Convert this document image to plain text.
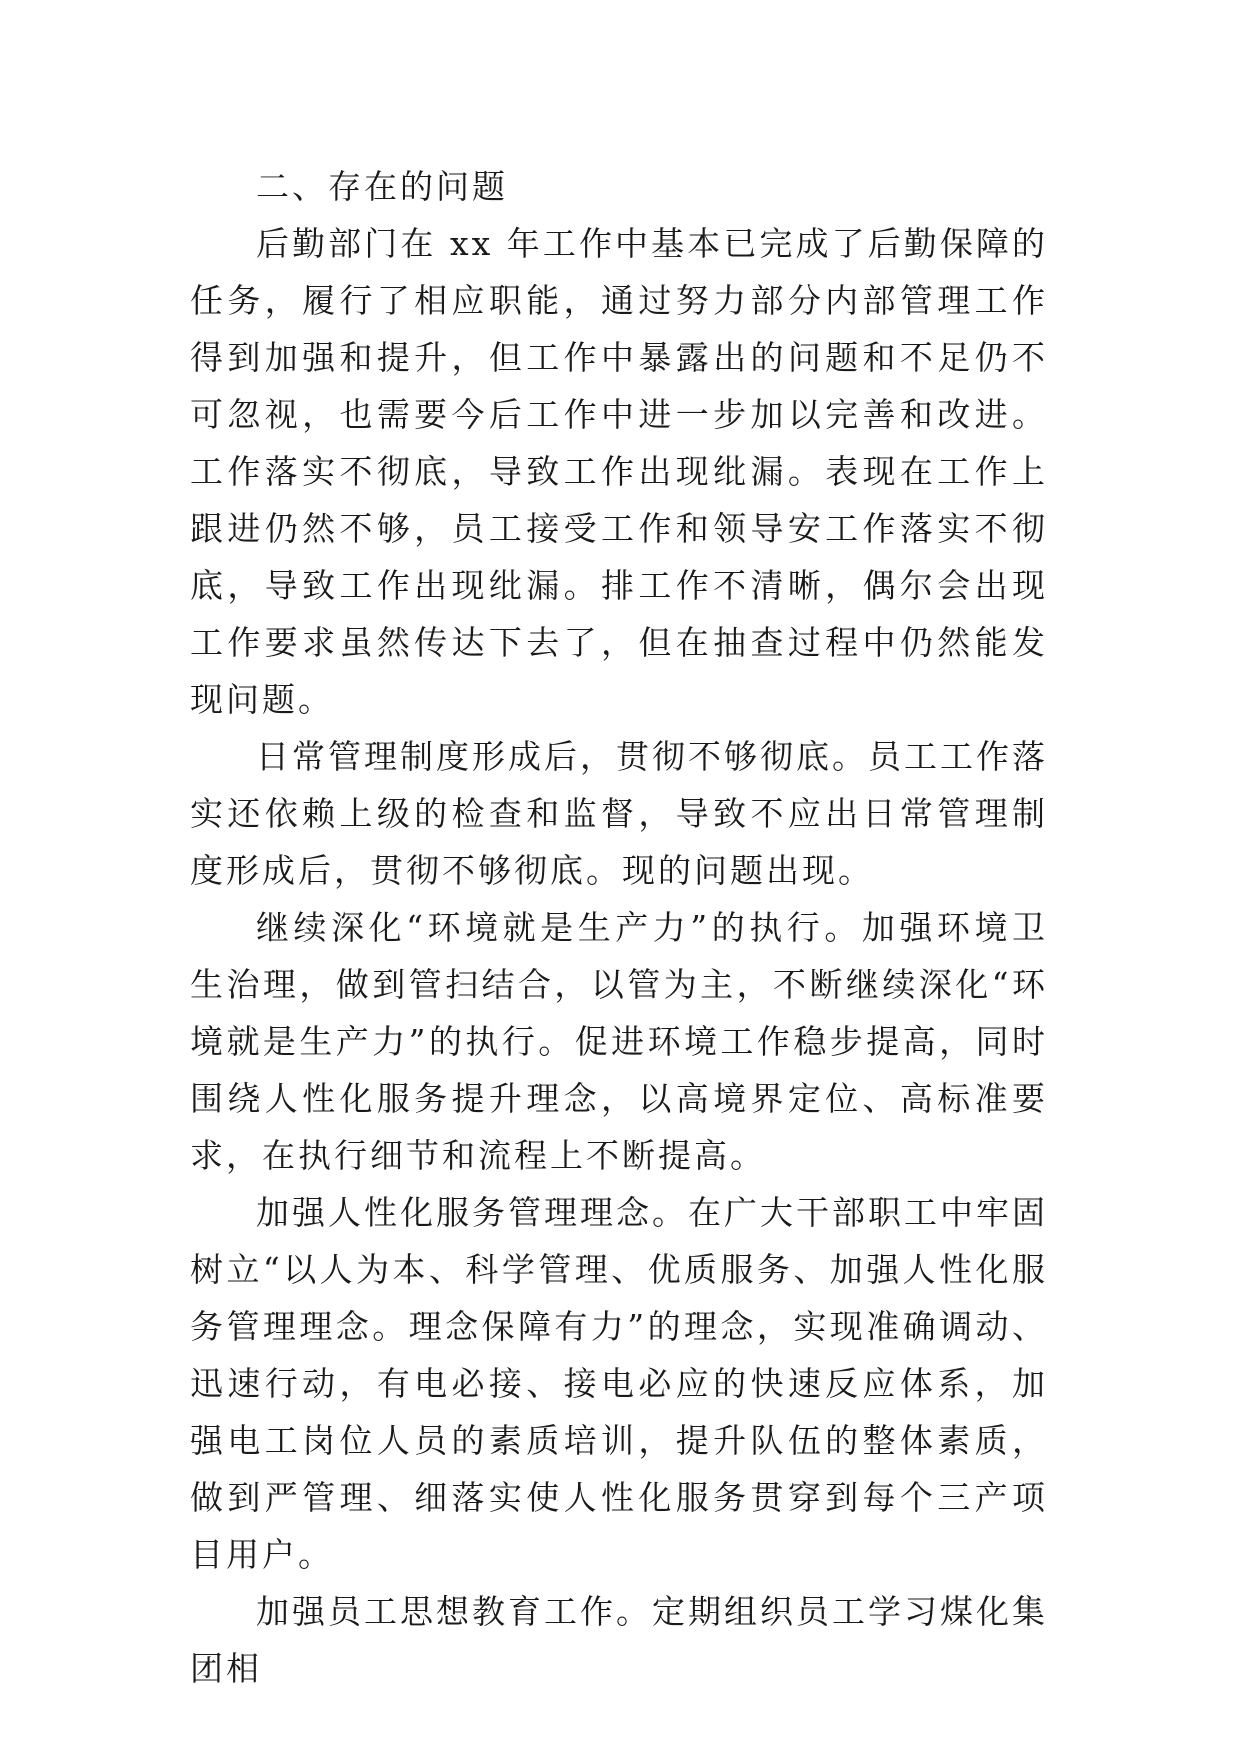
二、存在的问题

后勤部门在 xx 年工作中基本已完成了后勤保障的任务，履行了相应职能，通过努力部分内部管理工作得到加强和提升，但工作中暴露出的问题和不足仍不可忽视，也需要今后工作中进一步加以完善和改进。工作落实不彻底，导致工作出现纰漏。表现在工作上跟进仍然不够，员工接受工作和领导安工作落实不彻底，导致工作出现纰漏。排工作不清晰，偶尔会出现工作要求虽然传达下去了，但在抽查过程中仍然能发现问题。

日常管理制度形成后，贯彻不够彻底。员工工作落实还依赖上级的检查和监督，导致不应出日常管理制度形成后，贯彻不够彻底。现的问题出现。

继续深化“环境就是生产力”的执行。加强环境卫生治理，做到管扫结合，以管为主，不断继续深化“环境就是生产力”的执行。促进环境工作稳步提高，同时围绕人性化服务提升理念，以高境界定位、高标准要求，在执行细节和流程上不断提高。

加强人性化服务管理理念。在广大干部职工中牢固树立“以人为本、科学管理、优质服务、加强人性化服务管理理念。理念保障有力”的理念，实现准确调动、迅速行动，有电必接、接电必应的快速反应体系，加强电工岗位人员的素质培训，提升队伍的整体素质，做到严管理、细落实使人性化服务贯穿到每个三产项目用户。

加强员工思想教育工作。定期组织员工学习煤化集团相
